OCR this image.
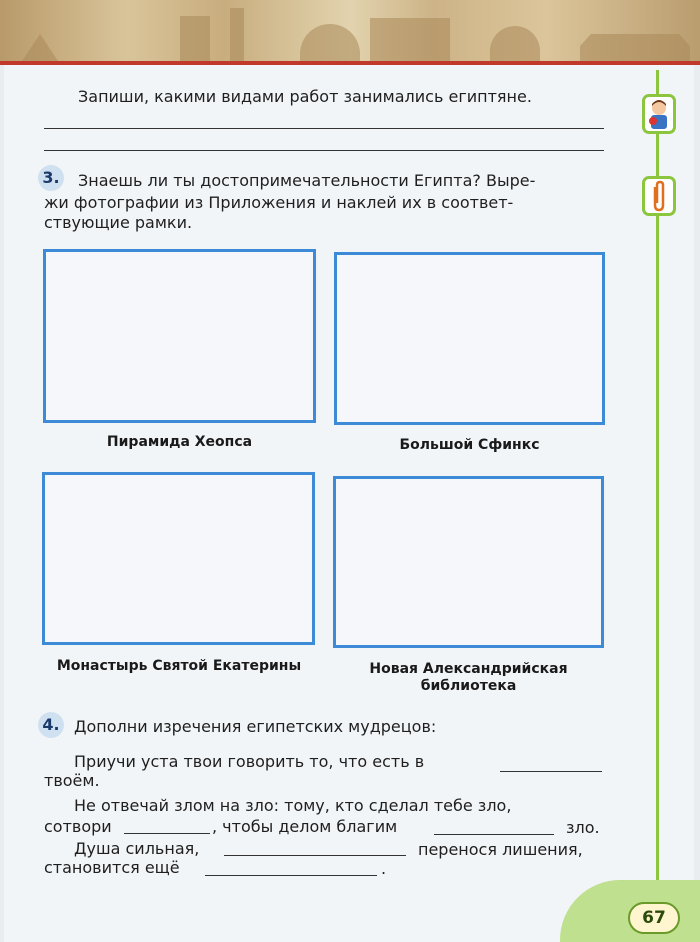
Запиши, какими видами работ занимались египтяне.
3. Знаешь ли ты достопримечательности Египта? Выре-
жи фотографии из Приложения и наклей их в соответ-
ствующие рамки.
Пирамида Хеопса	Большой Сфинкс
Монастырь Святой Екатерины	Новая Александрийская
библиотека
4. Дополни изречения египетских мудрецов:
Приучи уста твои говорить то, что есть в
твоём.
Не отвечай злом на зло: тому, кто сделал тебе зло,
сотвори	, чтобы делом благим	зло.
Душа сильная,	перенося лишения,
становится ещё	.
67
